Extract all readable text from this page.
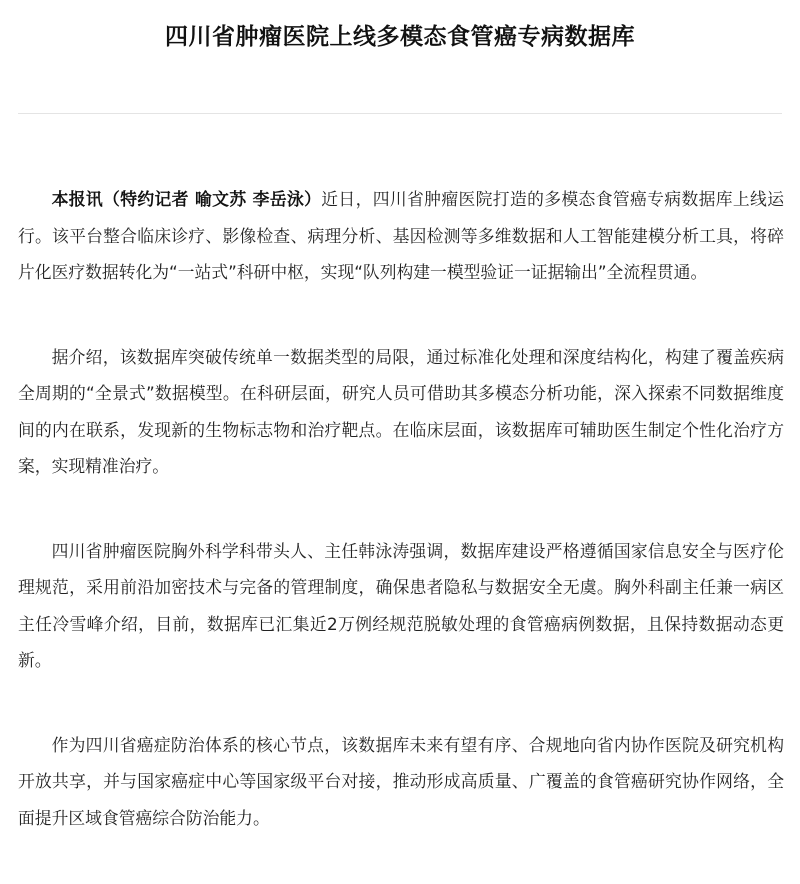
四川省肿瘤医院上线多模态食管癌专病数据库

本报讯（特约记者 喻文苏 李岳泳）近日，四川省肿瘤医院打造的多模态食管癌专病数据库上线运行。该平台整合临床诊疗、影像检查、病理分析、基因检测等多维数据和人工智能建模分析工具，将碎片化医疗数据转化为“一站式”科研中枢，实现“队列构建一模型验证一证据输出”全流程贯通。

据介绍，该数据库突破传统单一数据类型的局限，通过标准化处理和深度结构化，构建了覆盖疾病全周期的“全景式”数据模型。在科研层面，研究人员可借助其多模态分析功能，深入探索不同数据维度间的内在联系，发现新的生物标志物和治疗靶点。在临床层面，该数据库可辅助医生制定个性化治疗方案，实现精准治疗。

四川省肿瘤医院胸外科学科带头人、主任韩泳涛强调，数据库建设严格遵循国家信息安全与医疗伦理规范，采用前沿加密技术与完备的管理制度，确保患者隐私与数据安全无虞。胸外科副主任兼一病区主任冷雪峰介绍，目前，数据库已汇集近2万例经规范脱敏处理的食管癌病例数据，且保持数据动态更新。

作为四川省癌症防治体系的核心节点，该数据库未来有望有序、合规地向省内协作医院及研究机构开放共享，并与国家癌症中心等国家级平台对接，推动形成高质量、广覆盖的食管癌研究协作网络，全面提升区域食管癌综合防治能力。
